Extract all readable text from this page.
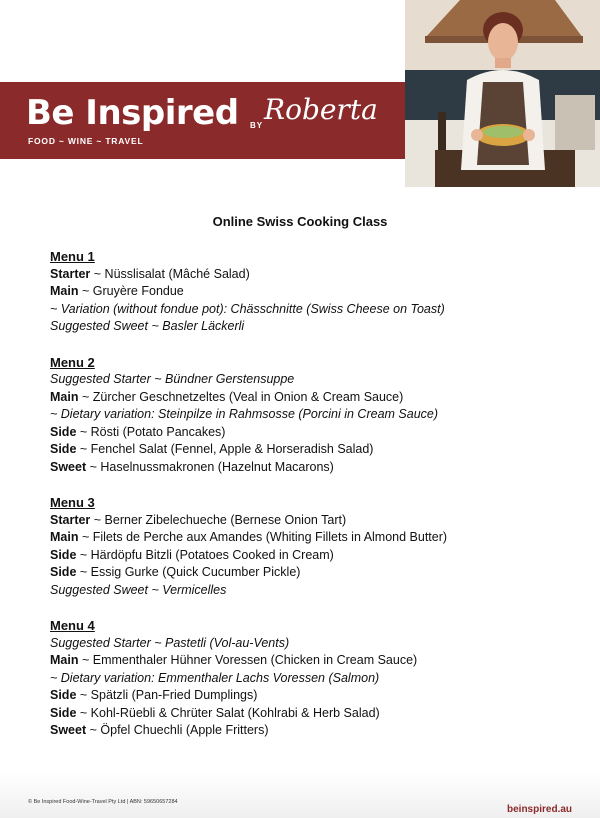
Be Inspired BY Roberta
FOOD ~ WINE ~ TRAVEL
Online Swiss Cooking Class
Menu 1
Starter ~ Nüsslisalat (Mâché Salad)
Main ~ Gruyère Fondue
~ Variation (without fondue pot): Chässchnitte (Swiss Cheese on Toast)
Suggested Sweet ~ Basler Läckerli
Menu 2
Suggested Starter ~ Bündner Gerstensuppe
Main ~ Zürcher Geschnetzeltes (Veal in Onion & Cream Sauce)
~ Dietary variation: Steinpilze in Rahmsosse (Porcini in Cream Sauce)
Side ~ Rösti (Potato Pancakes)
Side ~ Fenchel Salat (Fennel, Apple & Horseradish Salad)
Sweet ~ Haselnussmakronen (Hazelnut Macarons)
Menu 3
Starter ~ Berner Zibelechueche (Bernese Onion Tart)
Main ~ Filets de Perche aux Amandes (Whiting Fillets in Almond Butter)
Side ~ Härdöpfu Bitzli (Potatoes Cooked in Cream)
Side ~ Essig Gurke (Quick Cucumber Pickle)
Suggested Sweet ~ Vermicelles
Menu 4
Suggested Starter ~ Pastetli (Vol-au-Vents)
Main ~ Emmenthaler Hühner Voressen (Chicken in Cream Sauce)
~ Dietary variation: Emmenthaler Lachs Voressen (Salmon)
Side ~ Spätzli (Pan-Fried Dumplings)
Side ~ Kohl-Rüebli & Chrüter Salat (Kohlrabi & Herb Salad)
Sweet ~ Öpfel Chuechli (Apple Fritters)
© Be Inspired Food-Wine-Travel Pty Ltd | ABN: 59650657284
beinspired.au
